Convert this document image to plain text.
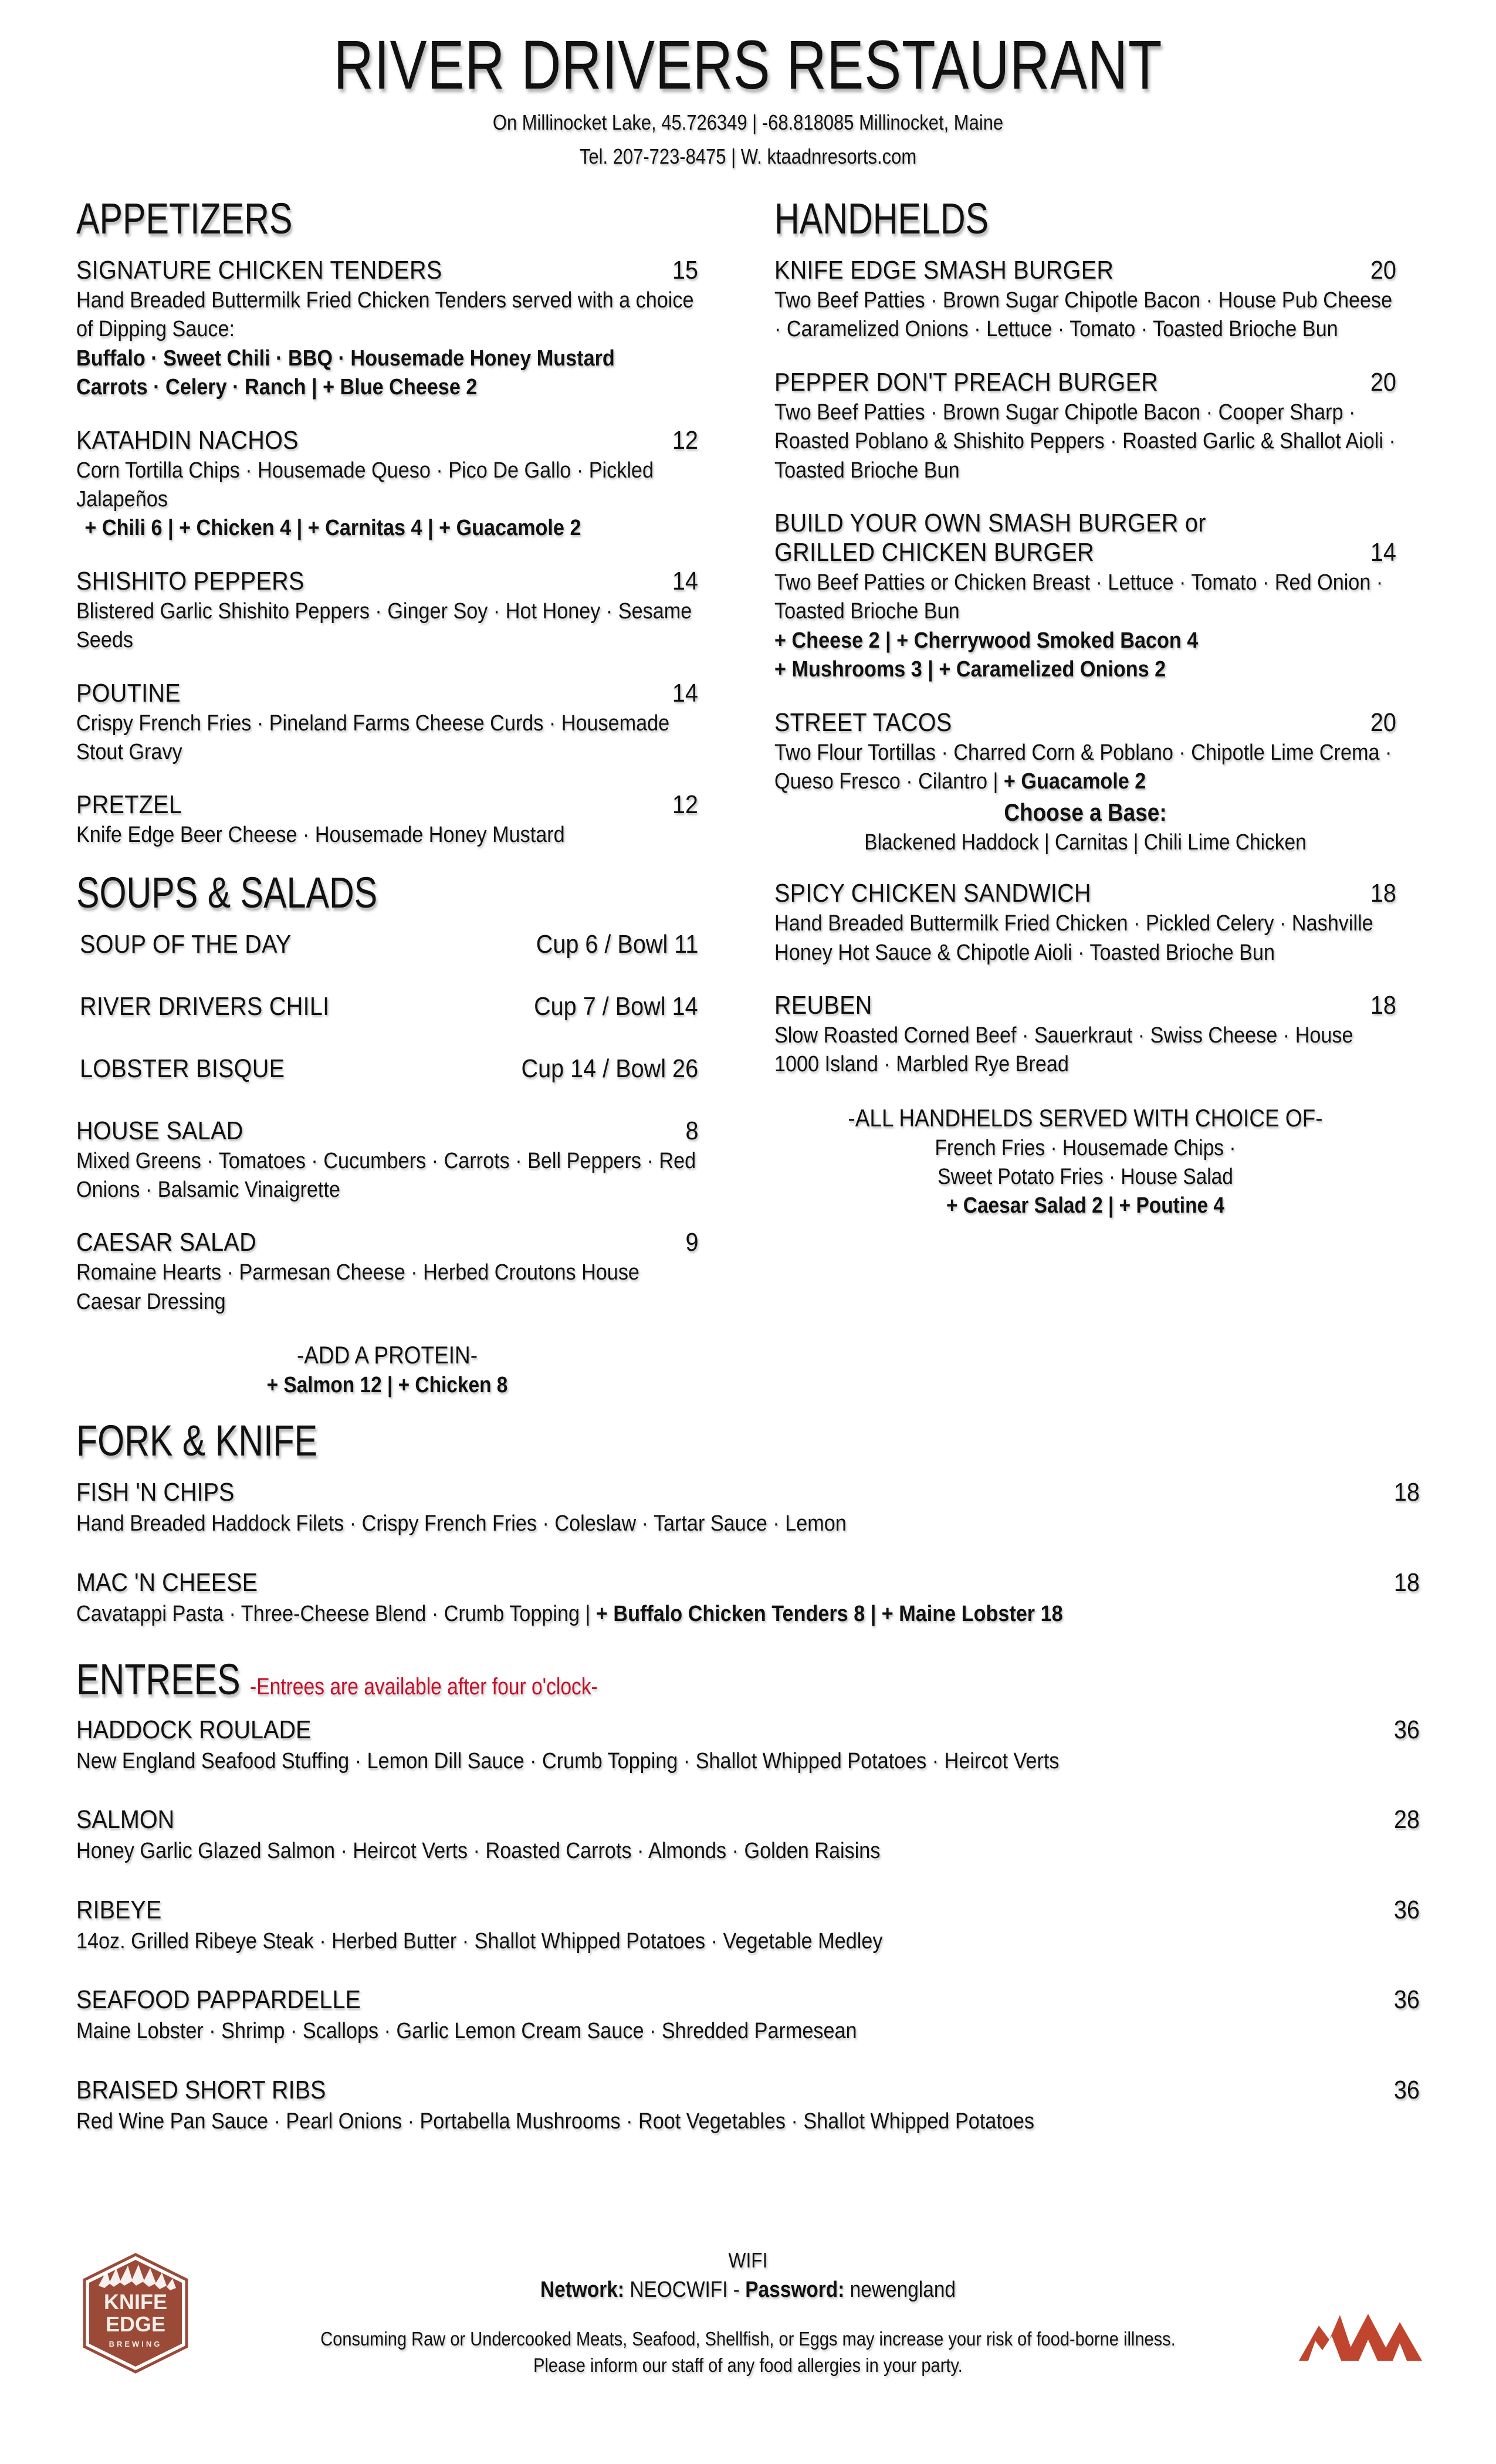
RIVER DRIVERS RESTAURANT
On Millinocket Lake, 45.726349 | -68.818085 Millinocket, Maine
Tel. 207-723-8475 | W. ktaadnresorts.com
APPETIZERS
SIGNATURE CHICKEN TENDERS	15
Hand Breaded Buttermilk Fried Chicken Tenders served with a choice of Dipping Sauce:
Buffalo · Sweet Chili · BBQ · Housemade Honey Mustard
Carrots · Celery · Ranch | + Blue Cheese 2
KATAHDIN NACHOS	12
Corn Tortilla Chips · Housemade Queso · Pico De Gallo · Pickled Jalapeños
+ Chili 6 | + Chicken 4 | + Carnitas 4 | + Guacamole 2
SHISHITO PEPPERS	14
Blistered Garlic Shishito Peppers · Ginger Soy · Hot Honey · Sesame Seeds
POUTINE	14
Crispy French Fries · Pineland Farms Cheese Curds · Housemade Stout Gravy
PRETZEL	12
Knife Edge Beer Cheese · Housemade Honey Mustard
SOUPS & SALADS
SOUP OF THE DAY	Cup 6 / Bowl 11
RIVER DRIVERS CHILI	Cup 7 / Bowl 14
LOBSTER BISQUE	Cup 14 / Bowl 26
HOUSE SALAD	8
Mixed Greens · Tomatoes · Cucumbers · Carrots · Bell Peppers · Red Onions · Balsamic Vinaigrette
CAESAR SALAD	9
Romaine Hearts · Parmesan Cheese · Herbed Croutons House Caesar Dressing
-ADD A PROTEIN-
+ Salmon 12 | + Chicken 8
HANDHELDS
KNIFE EDGE SMASH BURGER	20
Two Beef Patties · Brown Sugar Chipotle Bacon · House Pub Cheese · Caramelized Onions · Lettuce · Tomato · Toasted Brioche Bun
PEPPER DON'T PREACH BURGER	20
Two Beef Patties · Brown Sugar Chipotle Bacon · Cooper Sharp · Roasted Poblano & Shishito Peppers · Roasted Garlic & Shallot Aioli · Toasted Brioche Bun
BUILD YOUR OWN SMASH BURGER or
GRILLED CHICKEN BURGER	14
Two Beef Patties or Chicken Breast · Lettuce · Tomato · Red Onion · Toasted Brioche Bun
+ Cheese 2 | + Cherrywood Smoked Bacon 4
+ Mushrooms 3 | + Caramelized Onions 2
STREET TACOS	20
Two Flour Tortillas · Charred Corn & Poblano · Chipotle Lime Crema · Queso Fresco · Cilantro | + Guacamole 2
Choose a Base:
Blackened Haddock | Carnitas | Chili Lime Chicken
SPICY CHICKEN SANDWICH	18
Hand Breaded Buttermilk Fried Chicken · Pickled Celery · Nashville Honey Hot Sauce & Chipotle Aioli · Toasted Brioche Bun
REUBEN	18
Slow Roasted Corned Beef · Sauerkraut · Swiss Cheese · House 1000 Island · Marbled Rye Bread
-ALL HANDHELDS SERVED WITH CHOICE OF-
French Fries · Housemade Chips ·
Sweet Potato Fries · House Salad
+ Caesar Salad 2 | + Poutine 4
FORK & KNIFE
FISH 'N CHIPS	18
Hand Breaded Haddock Filets · Crispy French Fries · Coleslaw · Tartar Sauce · Lemon
MAC 'N CHEESE	18
Cavatappi Pasta · Three-Cheese Blend · Crumb Topping | + Buffalo Chicken Tenders 8 | + Maine Lobster 18
ENTREES -Entrees are available after four o'clock-
HADDOCK ROULADE	36
New England Seafood Stuffing · Lemon Dill Sauce · Crumb Topping · Shallot Whipped Potatoes · Heircot Verts
SALMON	28
Honey Garlic Glazed Salmon · Heircot Verts · Roasted Carrots · Almonds · Golden Raisins
RIBEYE	36
14oz. Grilled Ribeye Steak · Herbed Butter · Shallot Whipped Potatoes · Vegetable Medley
SEAFOOD PAPPARDELLE	36
Maine Lobster · Shrimp · Scallops · Garlic Lemon Cream Sauce · Shredded Parmesean
BRAISED SHORT RIBS	36
Red Wine Pan Sauce · Pearl Onions · Portabella Mushrooms · Root Vegetables · Shallot Whipped Potatoes
KNIFE
EDGE
BREWING
WIFI
Network: NEOCWIFI - Password: newengland
Consuming Raw or Undercooked Meats, Seafood, Shellfish, or Eggs may increase your risk of food-borne illness.
Please inform our staff of any food allergies in your party.
